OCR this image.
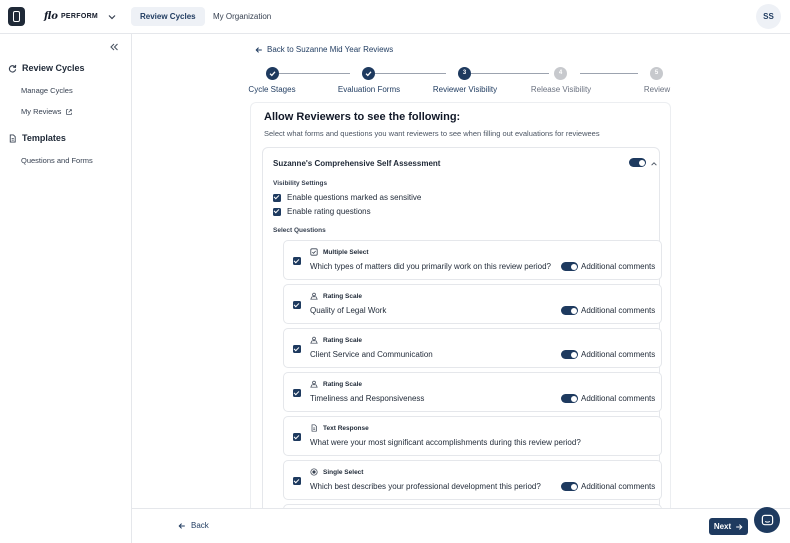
flo PERFORM	Review Cycles	My Organization	SS
Review Cycles
Manage Cycles
My Reviews
Templates
Questions and Forms
Back to Suzanne Mid Year Reviews
3	4	5
Cycle Stages	Evaluation Forms	Reviewer Visibility	Release Visibility	Review
Allow Reviewers to see the following:
Select what forms and questions you want reviewers to see when filling out evaluations for reviewees
Suzanne's Comprehensive Self Assessment
Visibility Settings
Enable questions marked as sensitive
Enable rating questions
Select Questions
Multiple Select
Which types of matters did you primarily work on this review period?	Additional comments
Rating Scale
Quality of Legal Work	Additional comments
Rating Scale
Client Service and Communication	Additional comments
Rating Scale
Timeliness and Responsiveness	Additional comments
Text Response
What were your most significant accomplishments during this review period?
Single Select
Which best describes your professional development this period?	Additional comments
Back	Next
